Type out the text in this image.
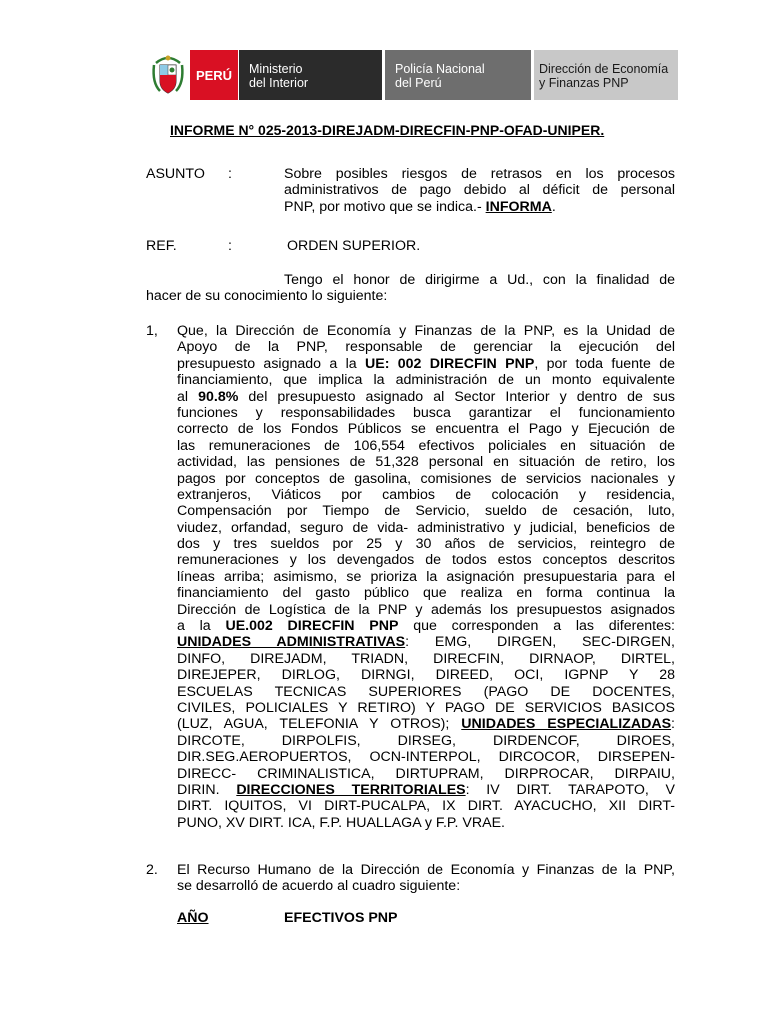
PERÚ	Ministerio
del Interior
Policía Nacional
del Perú
Dirección de Economía
y Finanzas PNP
INFORME N° 025-2013-DIREJADM-DIRECFIN-PNP-OFAD-UNIPER.
ASUNTO :	Sobre posibles riesgos de retrasos en los procesos
administrativos de pago debido al déficit de personal
PNP, por motivo que se indica.- INFORMA.
REF.	:	ORDEN SUPERIOR.
Tengo el honor de dirigirme a Ud., con la finalidad de
hacer de su conocimiento lo siguiente:
1, Que, la Dirección de Economía y Finanzas de la PNP, es la Unidad de
Apoyo de la PNP, responsable de gerenciar la ejecución del
presupuesto asignado a la UE: 002 DIRECFIN PNP, por toda fuente de
financiamiento, que implica la administración de un monto equivalente
al 90.8% del presupuesto asignado al Sector Interior y dentro de sus
funciones y responsabilidades busca garantizar el funcionamiento
correcto de los Fondos Públicos se encuentra el Pago y Ejecución de
las remuneraciones de 106,554 efectivos policiales en situación de
actividad, las pensiones de 51,328 personal en situación de retiro, los
pagos por conceptos de gasolina, comisiones de servicios nacionales y
extranjeros, Viáticos por cambios de colocación y residencia,
Compensación por Tiempo de Servicio, sueldo de cesación, luto,
viudez, orfandad, seguro de vida- administrativo y judicial, beneficios de
dos y tres sueldos por 25 y 30 años de servicios, reintegro de
remuneraciones y los devengados de todos estos conceptos descritos
líneas arriba; asimismo, se prioriza la asignación presupuestaria para el
financiamiento del gasto público que realiza en forma continua la
Dirección de Logística de la PNP y además los presupuestos asignados
a la UE.002 DIRECFIN PNP que corresponden a las diferentes:
UNIDADES ADMINISTRATIVAS: EMG, DIRGEN, SEC-DIRGEN,
DINFO, DIREJADM, TRIADN, DIRECFIN, DIRNAOP, DIRTEL,
DIREJEPER, DIRLOG, DIRNGI, DIREED, OCI, IGPNP Y 28
ESCUELAS TECNICAS SUPERIORES (PAGO DE DOCENTES,
CIVILES, POLICIALES Y RETIRO) Y PAGO DE SERVICIOS BASICOS
(LUZ, AGUA, TELEFONIA Y OTROS); UNIDADES ESPECIALIZADAS:
DIRCOTE, DIRPOLFIS, DIRSEG, DIRDENCOF, DIROES,
DIR.SEG.AEROPUERTOS, OCN-INTERPOL, DIRCOCOR, DIRSEPEN-
DIRECC- CRIMINALISTICA, DIRTUPRAM, DIRPROCAR, DIRPAIU,
DIRIN. DIRECCIONES TERRITORIALES: IV DIRT. TARAPOTO, V
DIRT. IQUITOS, VI DIRT-PUCALPA, IX DIRT. AYACUCHO, XII DIRT-
PUNO, XV DIRT. ICA, F.P. HUALLAGA y F.P. VRAE.
2. El Recurso Humano de la Dirección de Economía y Finanzas de la PNP,
se desarrolló de acuerdo al cuadro siguiente:
AÑO	EFECTIVOS PNP
